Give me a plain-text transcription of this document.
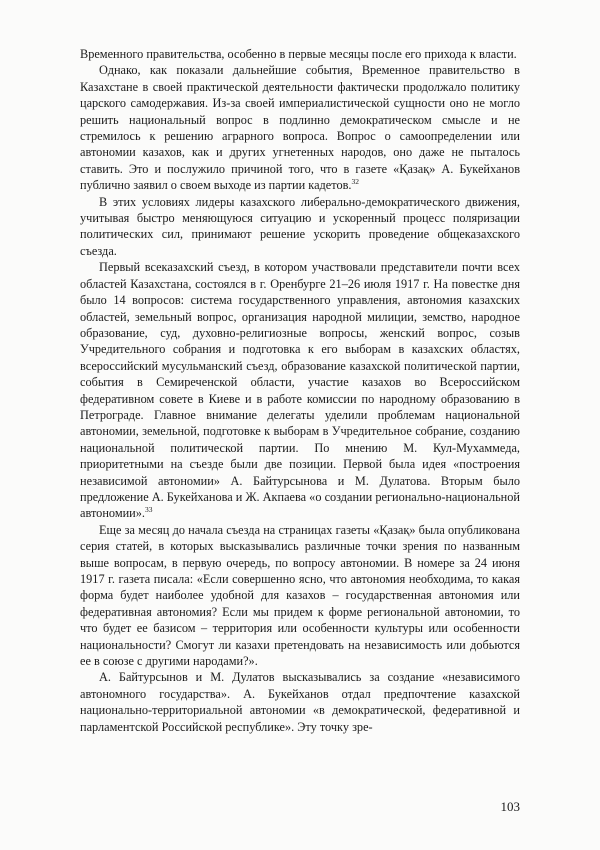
Временного правительства, особенно в первые месяцы после его прихода к власти.

Однако, как показали дальнейшие события, Временное правительство в Казахстане в своей практической деятельности фактически продолжало политику царского самодержавия. Из-за своей империалистической сущности оно не могло решить национальный вопрос в подлинно демократическом смысле и не стремилось к решению аграрного вопроса. Вопрос о самоопределении или автономии казахов, как и других угнетенных народов, оно даже не пыталось ставить. Это и послужило причиной того, что в газете «Қазақ» А. Букейханов публично заявил о своем выходе из партии кадетов.$^{32}$

В этих условиях лидеры казахского либерально-демократического движения, учитывая быстро меняющуюся ситуацию и ускоренный процесс поляризации политических сил, принимают решение ускорить проведение общеказахского съезда.

Первый всеказахский съезд, в котором участвовали представители почти всех областей Казахстана, состоялся в г. Оренбурге 21–26 июля 1917 г. На повестке дня было 14 вопросов: система государственного управления, автономия казахских областей, земельный вопрос, организация народной милиции, земство, народное образование, суд, духовно-религиозные вопросы, женский вопрос, созыв Учредительного собрания и подготовка к его выборам в казахских областях, всероссийский мусульманский съезд, образование казахской политической партии, события в Семиреченской области, участие казахов во Всероссийском федеративном совете в Киеве и в работе комиссии по народному образованию в Петрограде. Главное внимание делегаты уделили проблемам национальной автономии, земельной, подготовке к выборам в Учредительное собрание, созданию национальной политической партии. По мнению М. Кул-Мухаммеда, приоритетными на съезде были две позиции. Первой была идея «построения независимой автономии» А. Байтурсынова и М. Дулатова. Вторым было предложение А. Букейханова и Ж. Акпаева «о создании регионально-национальной автономии».$^{33}$

Еще за месяц до начала съезда на страницах газеты «Қазақ» была опубликована серия статей, в которых высказывались различные точки зрения по названным выше вопросам, в первую очередь, по вопросу автономии. В номере за 24 июня 1917 г. газета писала: «Если совершенно ясно, что автономия необходима, то какая форма будет наиболее удобной для казахов – государственная автономия или федеративная автономия? Если мы придем к форме региональной автономии, то что будет ее базисом – территория или особенности культуры или особенности национальности? Смогут ли казахи претендовать на независимость или добьются ее в союзе с другими народами?».

А. Байтурсынов и М. Дулатов высказывались за создание «независимого автономного государства». А. Букейханов отдал предпочтение казахской национально-территориальной автономии «в демократической, федеративной и парламентской Российской республике». Эту точку зре-

103
